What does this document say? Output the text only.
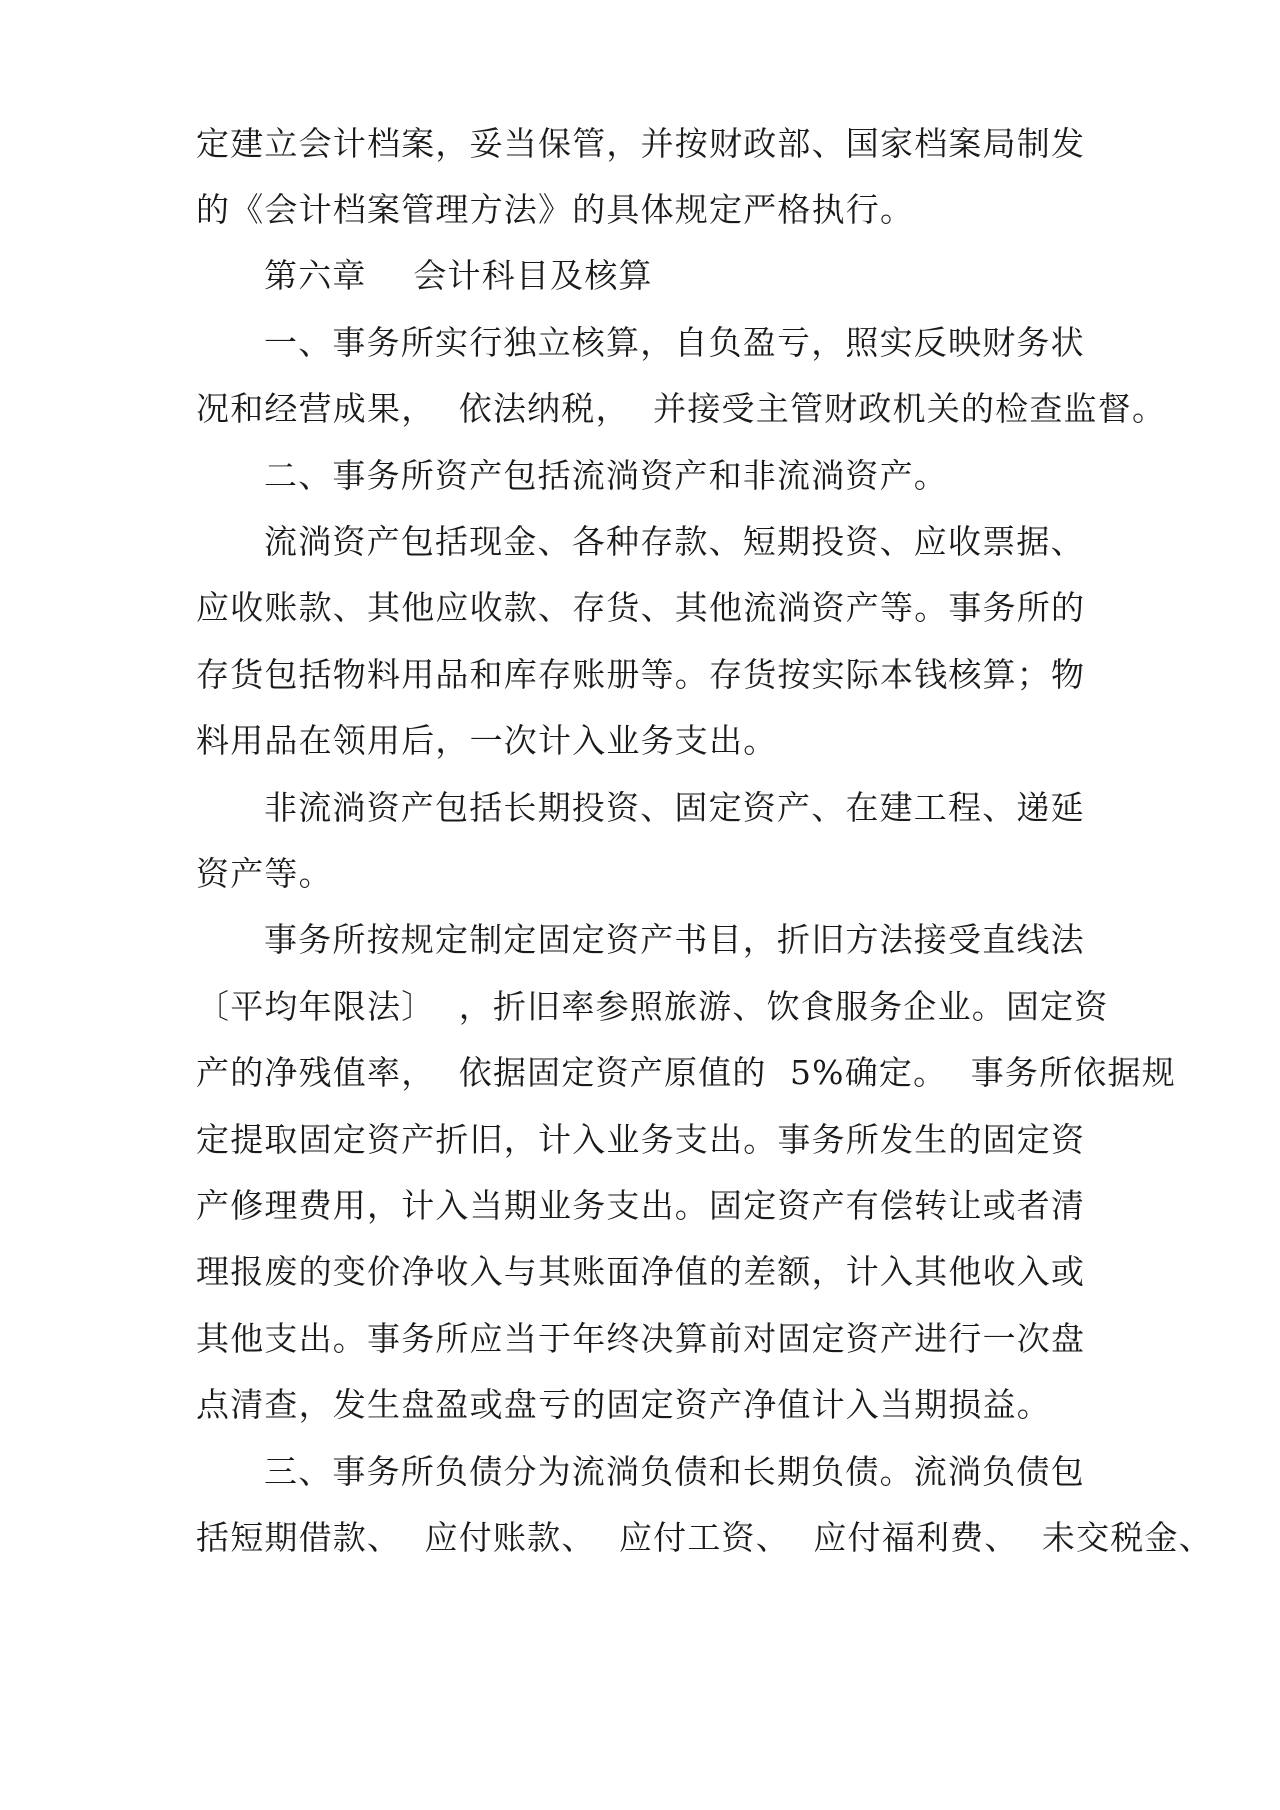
定建立会计档案，妥当保管，并按财政部、国家档案局制发
的《会计档案管理方法》的具体规定严格执行。
第六章    会计科目及核算
一、事务所实行独立核算，自负盈亏，照实反映财务状
况和经营成果，  依法纳税，  并接受主管财政机关的检查监督。
二、事务所资产包括流淌资产和非流淌资产。
流淌资产包括现金、各种存款、短期投资、应收票据、
应收账款、其他应收款、存货、其他流淌资产等。事务所的
存货包括物料用品和库存账册等。存货按实际本钱核算；物
料用品在领用后，一次计入业务支出。
非流淌资产包括长期投资、固定资产、在建工程、递延
资产等。
事务所按规定制定固定资产书目，折旧方法接受直线法
〔平均年限法〕  ，折旧率参照旅游、饮食服务企业。固定资
产的净残值率，  依据固定资产原值的  5%确定。  事务所依据规
定提取固定资产折旧，计入业务支出。事务所发生的固定资
产修理费用，计入当期业务支出。固定资产有偿转让或者清
理报废的变价净收入与其账面净值的差额，计入其他收入或
其他支出。事务所应当于年终决算前对固定资产进行一次盘
点清查，发生盘盈或盘亏的固定资产净值计入当期损益。
三、事务所负债分为流淌负债和长期负债。流淌负债包
括短期借款、  应付账款、  应付工资、  应付福利费、  未交税金、
